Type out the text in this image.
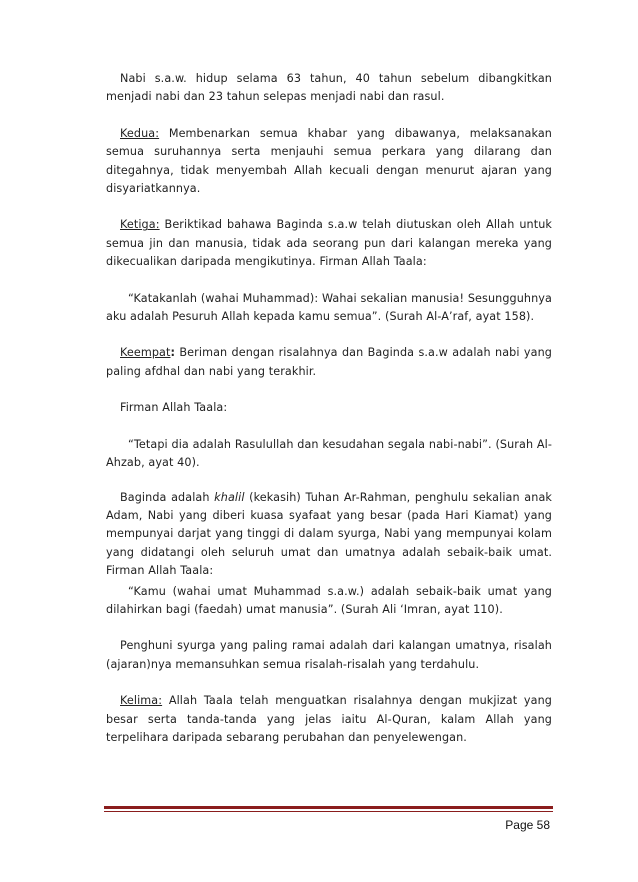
Nabi s.a.w. hidup selama 63 tahun, 40 tahun sebelum dibangkitkan menjadi nabi dan 23 tahun selepas menjadi nabi dan rasul.

Kedua: Membenarkan semua khabar yang dibawanya, melaksanakan semua suruhannya serta menjauhi semua perkara yang dilarang dan ditegahnya, tidak menyembah Allah kecuali dengan menurut ajaran yang disyariatkannya.

Ketiga: Beriktikad bahawa Baginda s.a.w telah diutuskan oleh Allah untuk semua jin dan manusia, tidak ada seorang pun dari kalangan mereka yang dikecualikan daripada mengikutinya. Firman Allah Taala:

“Katakanlah (wahai Muhammad): Wahai sekalian manusia! Sesungguhnya aku adalah Pesuruh Allah kepada kamu semua”. (Surah Al-A’raf, ayat 158).

Keempat: Beriman dengan risalahnya dan Baginda s.a.w adalah nabi yang paling afdhal dan nabi yang terakhir.

Firman Allah Taala:

“Tetapi dia adalah Rasulullah dan kesudahan segala nabi-nabi”. (Surah Al-Ahzab, ayat 40).

Baginda adalah khalil (kekasih) Tuhan Ar-Rahman, penghulu sekalian anak Adam, Nabi yang diberi kuasa syafaat yang besar (pada Hari Kiamat) yang mempunyai darjat yang tinggi di dalam syurga, Nabi yang mempunyai kolam yang didatangi oleh seluruh umat dan umatnya adalah sebaik-baik umat. Firman Allah Taala:

“Kamu (wahai umat Muhammad s.a.w.) adalah sebaik-baik umat yang dilahirkan bagi (faedah) umat manusia”. (Surah Ali ‘Imran, ayat 110).

Penghuni syurga yang paling ramai adalah dari kalangan umatnya, risalah (ajaran)nya memansuhkan semua risalah-risalah yang terdahulu.

Kelima: Allah Taala telah menguatkan risalahnya dengan mukjizat yang besar serta tanda-tanda yang jelas iaitu Al-Quran, kalam Allah yang terpelihara daripada sebarang perubahan dan penyelewengan.

Page 58
